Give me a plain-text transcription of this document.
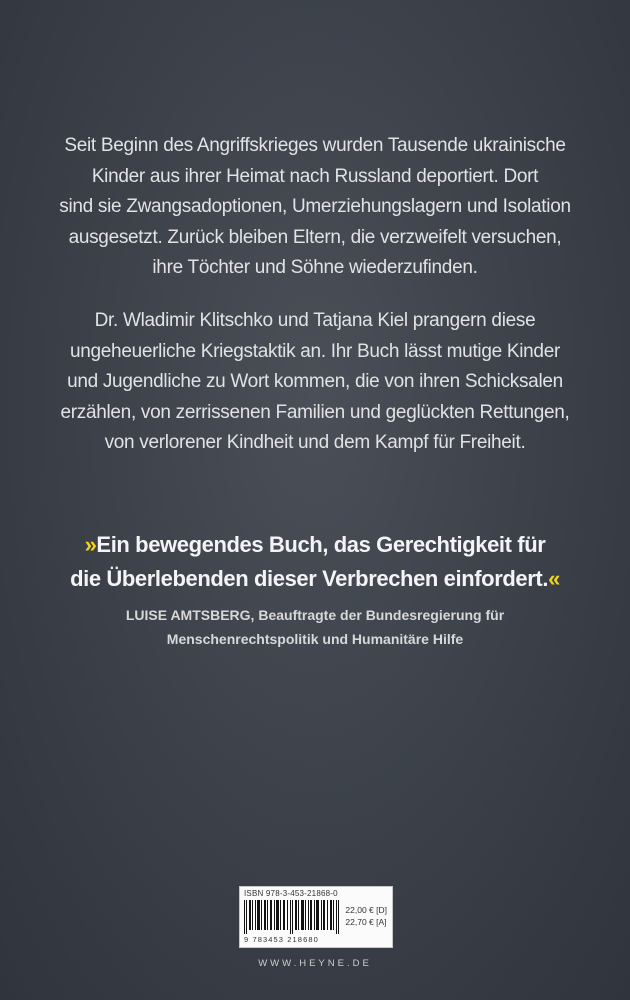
Seit Beginn des Angriffskrieges wurden Tausende ukrainische
Kinder aus ihrer Heimat nach Russland deportiert. Dort
sind sie Zwangsadoptionen, Umerziehungslagern und Isolation
ausgesetzt. Zurück bleiben Eltern, die verzweifelt versuchen,
ihre Töchter und Söhne wiederzufinden.
Dr. Wladimir Klitschko und Tatjana Kiel prangern diese
ungeheuerliche Kriegstaktik an. Ihr Buch lässt mutige Kinder
und Jugendliche zu Wort kommen, die von ihren Schicksalen
erzählen, von zerrissenen Familien und geglückten Rettungen,
von verlorener Kindheit und dem Kampf für Freiheit.
»Ein bewegendes Buch, das Gerechtigkeit für
die Überlebenden dieser Verbrechen einfordert.«
LUISE AMTSBERG, Beauftragte der Bundesregierung für
Menschenrechtspolitik und Humanitäre Hilfe
ISBN 978-3-453-21868-0
9 783453 218680
22,00 € [D]
22,70 € [A]
WWW.HEYNE.DE
